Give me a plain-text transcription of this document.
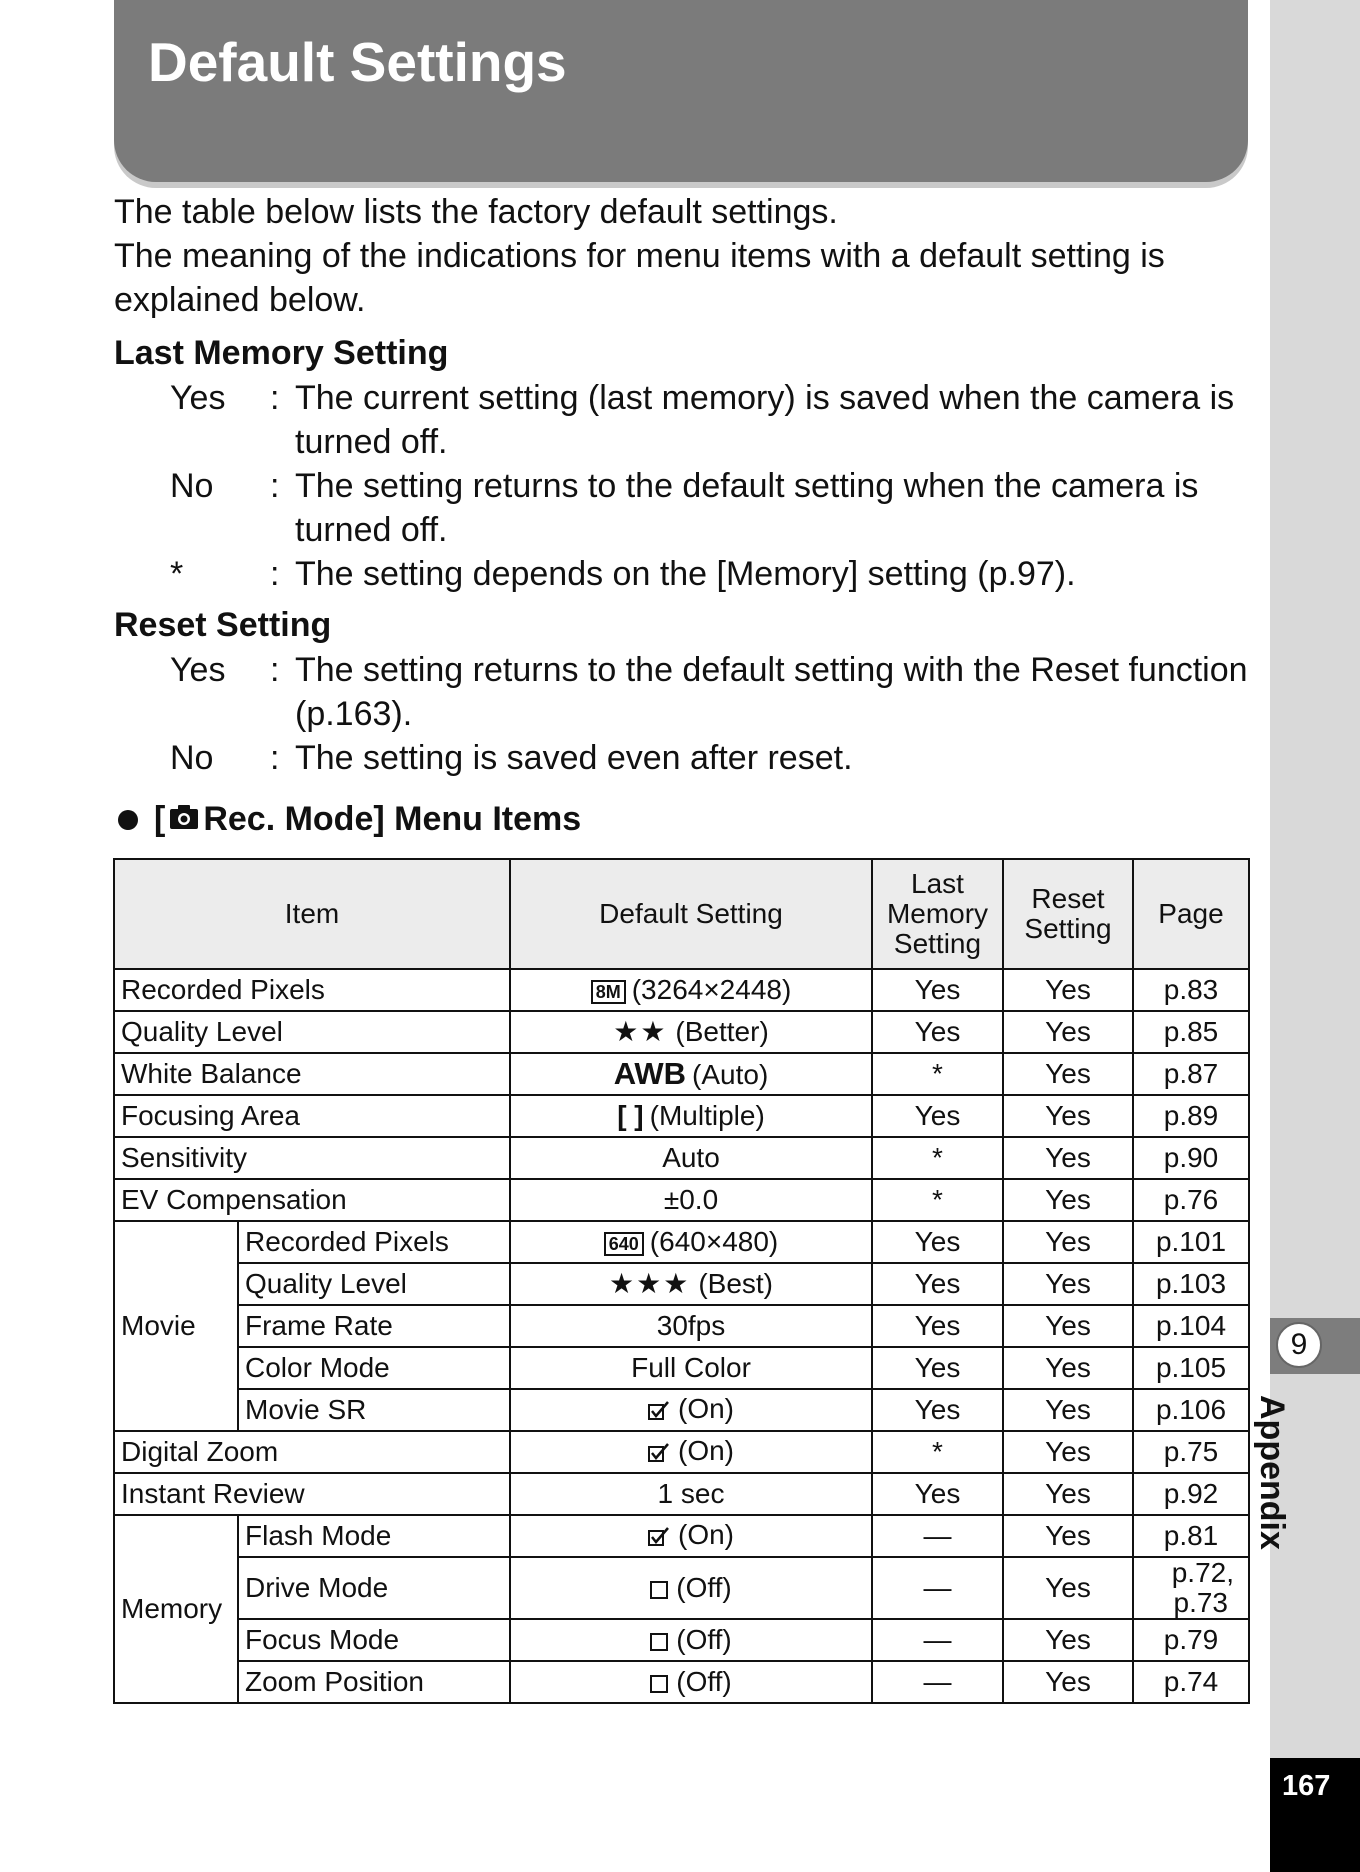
9
Appendix
167
Default Settings

The table below lists the factory default settings.

The meaning of the indications for menu items with a default setting is explained below.

Last Memory Setting
Yes : The current setting (last memory) is saved when the camera is turned off.
No : The setting returns to the default setting when the camera is turned off.
*	: The setting depends on the [Memory] setting (p.97).
Reset Setting
Yes : The setting returns to the default setting with the Reset function (p.163).
No : The setting is saved even after reset.
[ Rec. Mode] Menu Items
Item		Default Setting	Last Memory Setting	Reset Setting	Page
Recorded Pixels		8M (3264×2448)	Yes	Yes	p.83
Quality Level		★★ (Better)	Yes	Yes	p.85
White Balance		AWB (Auto)	*	Yes	p.87
Focusing Area		[ ] (Multiple)	Yes	Yes	p.89
Sensitivity		Auto	*	Yes	p.90
EV Compensation		±0.0	*	Yes	p.76
Movie	Recorded Pixels	640 (640×480)	Yes	Yes	p.101
	Quality Level	★★★ (Best)	Yes	Yes	p.103
	Frame Rate	30fps	Yes	Yes	p.104
	Color Mode	Full Color	Yes	Yes	p.105
	Movie SR	(On)	Yes	Yes	p.106
Digital Zoom		(On)	*	Yes	p.75
Instant Review		1 sec	Yes	Yes	p.92
Memory	Flash Mode	(On)	—	Yes	p.81
	Drive Mode	(Off)	—	Yes	p.72,
p.73

	Focus Mode	(Off)	—	Yes	p.79
	Zoom Position	(Off)	—	Yes	p.74
